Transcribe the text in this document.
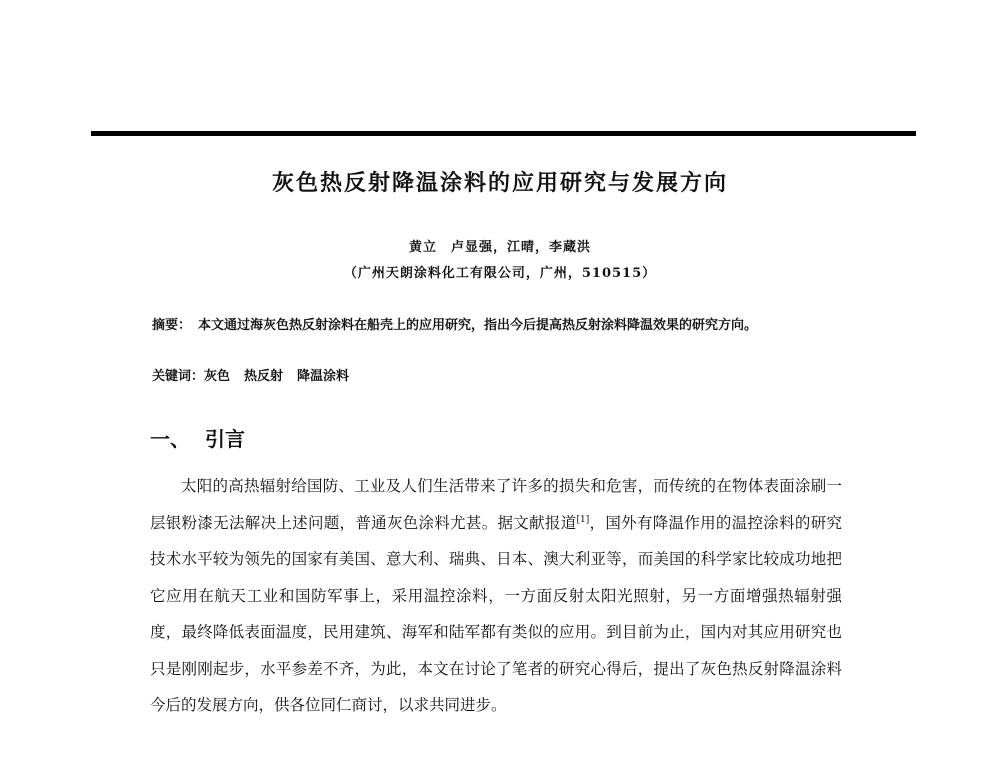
灰色热反射降温涂料的应用研究与发展方向
黄立　卢显强，江晴，李蔵洪
（广州天朗涂料化工有限公司，广州，510515）
摘要： 本文通过海灰色热反射涂料在船壳上的应用研究，指出今后提高热反射涂料降温效果的研究方向。
关键词：灰色 热反射 降温涂料
一、 引言
太阳的高热辐射给国防、工业及人们生活带来了许多的损失和危害，而传统的在物体表面涂刷一层银粉漆无法解决上述问题，普通灰色涂料尤甚。据文献报道[1]，国外有降温作用的温控涂料的研究技术水平较为领先的国家有美国、意大利、瑞典、日本、澳大利亚等，而美国的科学家比较成功地把它应用在航天工业和国防军事上，采用温控涂料，一方面反射太阳光照射，另一方面增强热辐射强度，最终降低表面温度，民用建筑、海军和陆军都有类似的应用。到目前为止，国内对其应用研究也只是刚刚起步，水平参差不齐，为此，本文在讨论了笔者的研究心得后，提出了灰色热反射降温涂料今后的发展方向，供各位同仁商讨，以求共同进步。
